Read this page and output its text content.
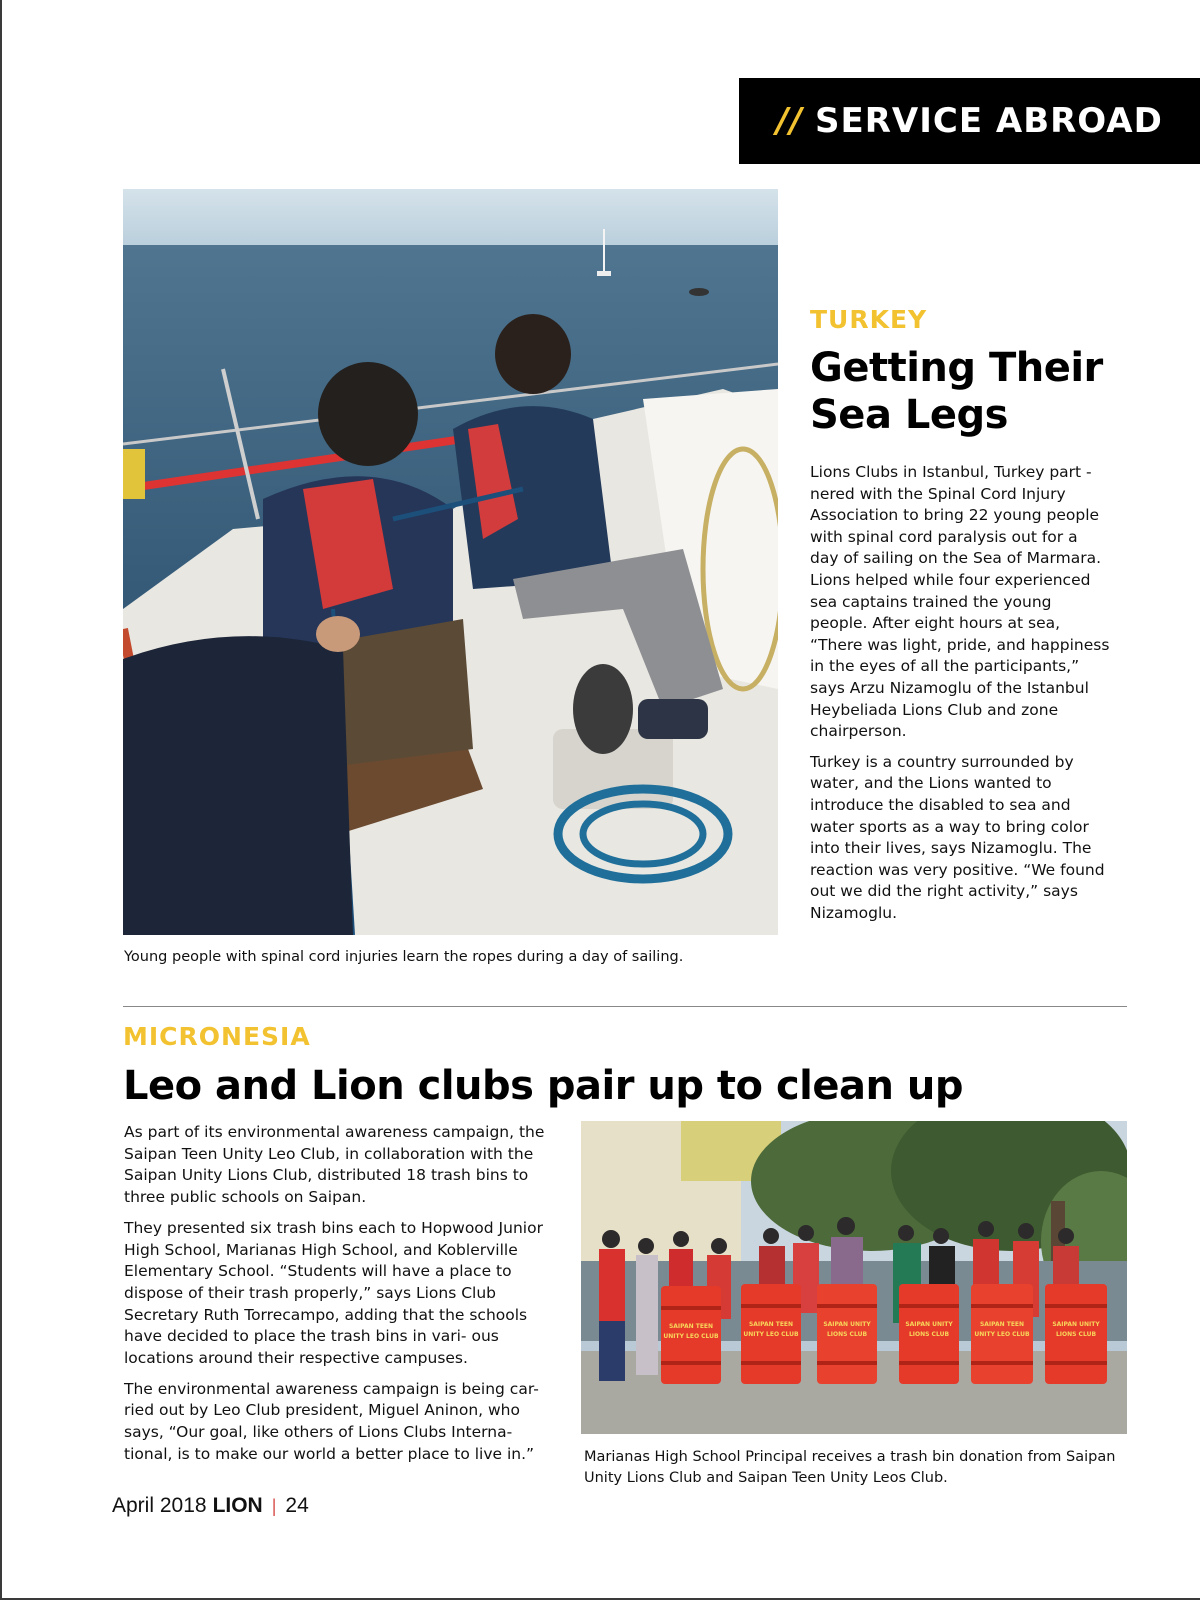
// SERVICE ABROAD
Young people with spinal cord injuries learn the ropes during a day of sailing.
TURKEY
Getting Their
Sea Legs

Lions Clubs in Istanbul, Turkey part - nered with the Spinal Cord Injury Association to bring 22 young people with spinal cord paralysis out for a day of sailing on the Sea of Marmara. Lions helped while four experienced sea captains trained the young people. After eight hours at sea, “There was light, pride, and happiness in the eyes of all the participants,” says Arzu Nizamoglu of the Istanbul Heybeliada Lions Club and zone chairperson.

Turkey is a country surrounded by water, and the Lions wanted to introduce the disabled to sea and water sports as a way to bring color into their lives, says Nizamoglu. The reaction was very positive. “We found out we did the right activity,” says Nizamoglu.

MICRONESIA
Leo and Lion clubs pair up to clean up

As part of its environmental awareness campaign, the Saipan Teen Unity Leo Club, in collaboration with the Saipan Unity Lions Club, distributed 18 trash bins to three public schools on Saipan.

They presented six trash bins each to Hopwood Junior High School, Marianas High School, and Koblerville Elementary School. “Students will have a place to dispose of their trash properly,” says Lions Club Secretary Ruth Torrecampo, adding that the schools have decided to place the trash bins in vari- ous locations around their respective campuses.

The environmental awareness campaign is being car- ried out by Leo Club president, Miguel Aninon, who says, “Our goal, like others of Lions Clubs Interna- tional, is to make our world a better place to live in.”

SAIPAN TEEN
UNITY LEO CLUB
SAIPAN TEEN
UNITY LEO CLUB
SAIPAN UNITY
LIONS CLUB
SAIPAN UNITY
LIONS CLUB
SAIPAN TEEN
UNITY LEO CLUB
SAIPAN UNITY
LIONS CLUB
Marianas High School Principal receives a trash bin donation from Saipan Unity Lions Club and Saipan Teen Unity Leos Club.
April 2018 LION | 24
